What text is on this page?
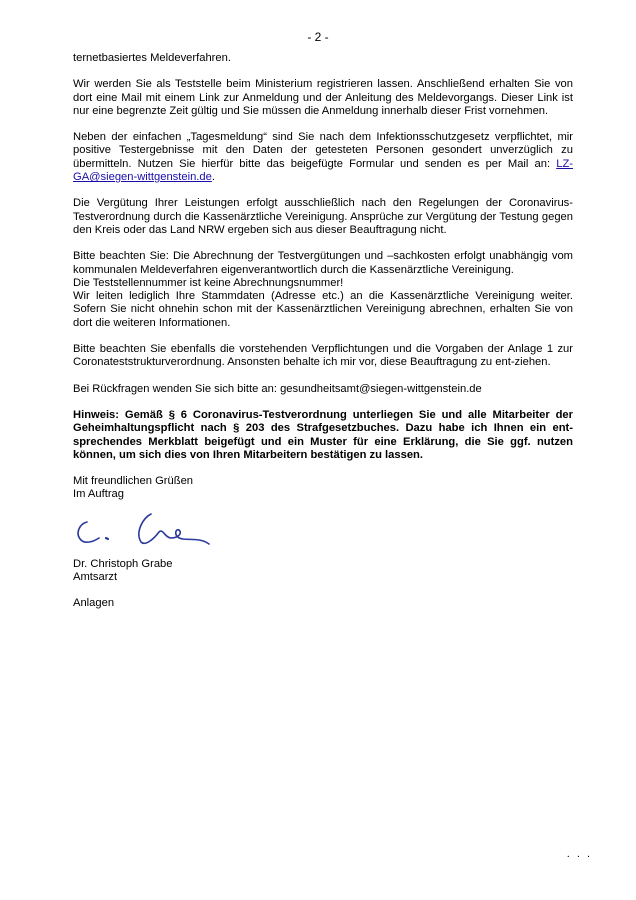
- 2 -

ternetbasiertes Meldeverfahren.

Wir werden Sie als Teststelle beim Ministerium registrieren lassen. Anschließend erhalten Sie von dort eine Mail mit einem Link zur Anmeldung und der Anleitung des Meldevorgangs. Dieser Link ist nur eine begrenzte Zeit gültig und Sie müssen die Anmeldung innerhalb dieser Frist vornehmen.

Neben der einfachen „Tagesmeldung“ sind Sie nach dem Infektionsschutzgesetz verpflichtet, mir positive Testergebnisse mit den Daten der getesteten Personen gesondert unverzüglich zu übermitteln. Nutzen Sie hierfür bitte das beigefügte Formular und senden es per Mail an: LZ-GA@siegen-wittgenstein.de.

Die Vergütung Ihrer Leistungen erfolgt ausschließlich nach den Regelungen der Coronavirus-Testverordnung durch die Kassenärztliche Vereinigung. Ansprüche zur Vergütung der Testung gegen den Kreis oder das Land NRW ergeben sich aus dieser Beauftragung nicht.

Bitte beachten Sie: Die Abrechnung der Testvergütungen und –sachkosten erfolgt unabhängig vom kommunalen Meldeverfahren eigenverantwortlich durch die Kassenärztliche Vereinigung.
Die Teststellennummer ist keine Abrechnungsnummer!
Wir leiten lediglich Ihre Stammdaten (Adresse etc.) an die Kassenärztliche Vereinigung weiter. Sofern Sie nicht ohnehin schon mit der Kassenärztlichen Vereinigung abrechnen, erhalten Sie von dort die weiteren Informationen.

Bitte beachten Sie ebenfalls die vorstehenden Verpflichtungen und die Vorgaben der Anlage 1 zur Coronateststrukturverordnung. Ansonsten behalte ich mir vor, diese Beauftragung zu ent-ziehen.

Bei Rückfragen wenden Sie sich bitte an: gesundheitsamt@siegen-wittgenstein.de

Hinweis: Gemäß § 6 Coronavirus-Testverordnung unterliegen Sie und alle Mitarbeiter der Geheimhaltungspflicht nach § 203 des Strafgesetzbuches. Dazu habe ich Ihnen ein ent-sprechendes Merkblatt beigefügt und ein Muster für eine Erklärung, die Sie ggf. nutzen können, um sich dies von Ihren Mitarbeitern bestätigen zu lassen.

Mit freundlichen Grüßen
Im Auftrag
Dr. Christoph Grabe
Amtsarzt
Anlagen
. . .
